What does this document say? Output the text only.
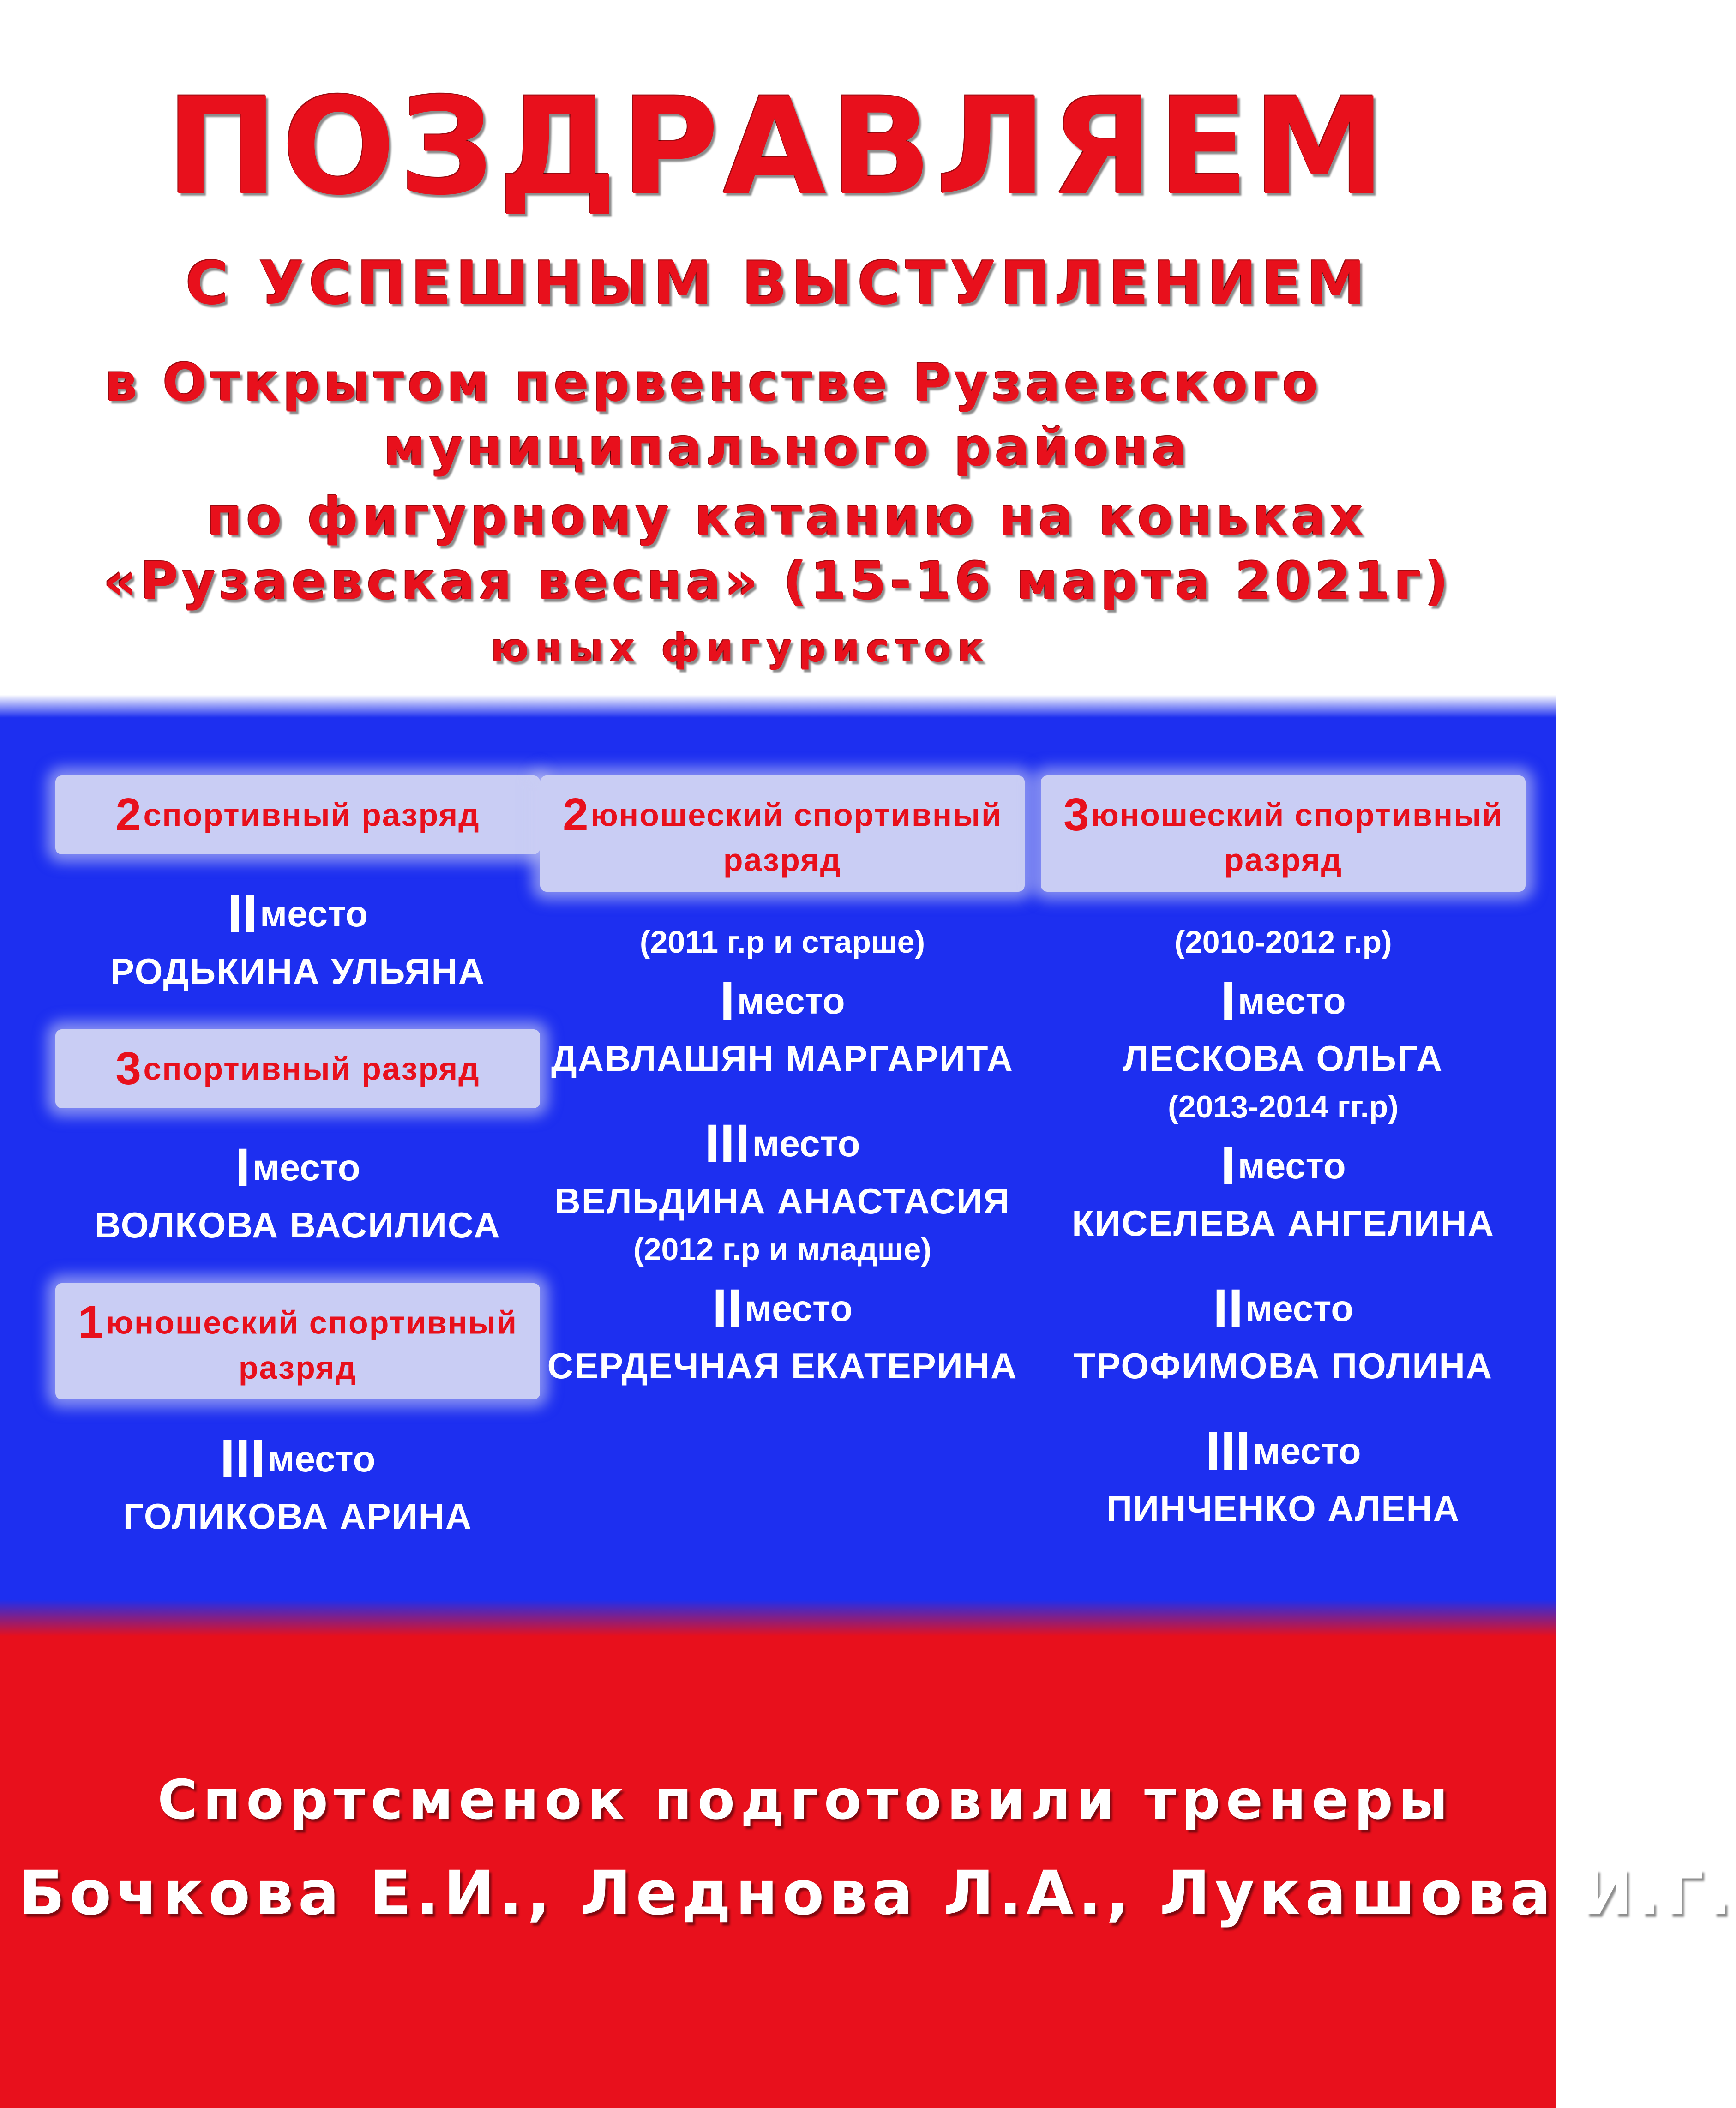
ПОЗДРАВЛЯЕМ
С УСПЕШНЫМ ВЫСТУПЛЕНИЕМ
в Открытом первенстве Рузаевского
муниципального района
по фигурному катанию на коньках
«Рузаевская весна» (15-16 марта 2021г)
юных фигуристок
2 спортивный разряд
II место
РОДЬКИНА УЛЬЯНА
3 спортивный разряд
I место
ВОЛКОВА ВАСИЛИСА
1 юношеский спортивный разряд
III место
ГОЛИКОВА АРИНА
2 юношеский спортивный разряд
(2011 г.р и старше)
I место
ДАВЛАШЯН МАРГАРИТА
III место
ВЕЛЬДИНА АНАСТАСИЯ
(2012 г.р и младше)
II место
СЕРДЕЧНАЯ ЕКАТЕРИНА
3 юношеский спортивный разряд
(2010-2012 г.р)
I место
ЛЕСКОВА ОЛЬГА
(2013-2014 гг.р)
I место
КИСЕЛЕВА АНГЕЛИНА
II место
ТРОФИМОВА ПОЛИНА
III место
ПИНЧЕНКО АЛЕНА
Спортсменок подготовили тренеры
Бочкова Е.И., Леднова Л.А., Лукашова И.Г.
